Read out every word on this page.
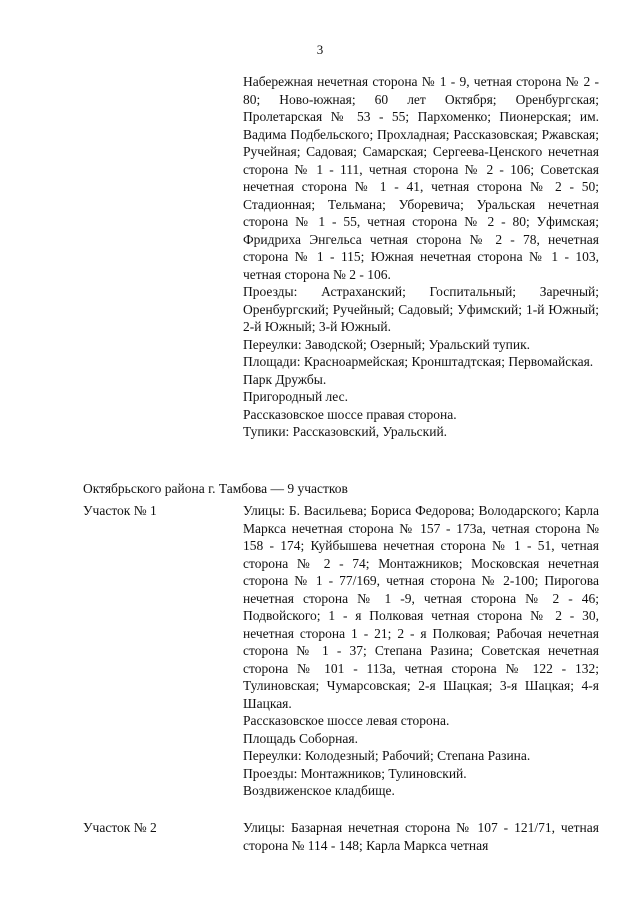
3

Набережная нечетная сторона № 1 - 9, четная сторона № 2 - 80; Ново-южная; 60 лет Октября; Оренбургская; Пролетарская № 53 - 55; Пархоменко; Пионерская; им. Вадима Подбельского; Прохладная; Рассказовская; Ржавская; Ручейная; Садовая; Самарская; Сергеева-Ценского нечетная сторона № 1 - 111, четная сторона № 2 - 106; Советская нечетная сторона № 1 - 41, четная сторона № 2 - 50; Стадионная; Тельмана; Уборевича; Уральская нечетная сторона № 1 - 55, четная сторона № 2 - 80; Уфимская; Фридриха Энгельса четная сторона № 2 - 78, нечетная сторона № 1 - 115; Южная нечетная сторона № 1 - 103, четная сторона № 2 - 106.

Проезды: Астраханский; Госпитальный; Заречный; Оренбургский; Ручейный; Садовый; Уфимский; 1-й Южный; 2-й Южный; 3-й Южный.

Переулки: Заводской; Озерный; Уральский тупик.

Площади: Красноармейская; Кронштадтская; Первомайская.

Парк Дружбы.

Пригородный лес.

Рассказовское шоссе правая сторона.

Тупики: Рассказовский, Уральский.

Октябрьского района г. Тамбова — 9 участков
Участок № 1	Улицы: Б. Васильева; Бориса Федорова; Володарского; Карла Маркса нечетная сторона № 157 - 173а, четная сторона № 158 - 174; Куйбышева нечетная сторона № 1 - 51, четная сторона № 2 - 74; Монтажников; Московская нечетная сторона № 1 - 77/169, четная сторона № 2-100; Пирогова нечетная сторона № 1 -9, четная сторона № 2 - 46; Подвойского; 1 - я Полковая четная сторона № 2 - 30, нечетная сторона 1 - 21; 2 - я Полковая; Рабочая нечетная сторона № 1 - 37; Степана Разина; Советская нечетная сторона № 101 - 113а, четная сторона № 122 - 132; Тулиновская; Чумарсовская; 2-я Шацкая; 3-я Шацкая; 4-я Шацкая.

Рассказовское шоссе левая сторона.

Площадь Соборная.

Переулки: Колодезный; Рабочий; Степана Разина.

Проезды: Монтажников; Тулиновский.

Воздвиженское кладбище.

Участок № 2	Улицы: Базарная нечетная сторона № 107 - 121/71, четная сторона № 114 - 148; Карла Маркса четная
